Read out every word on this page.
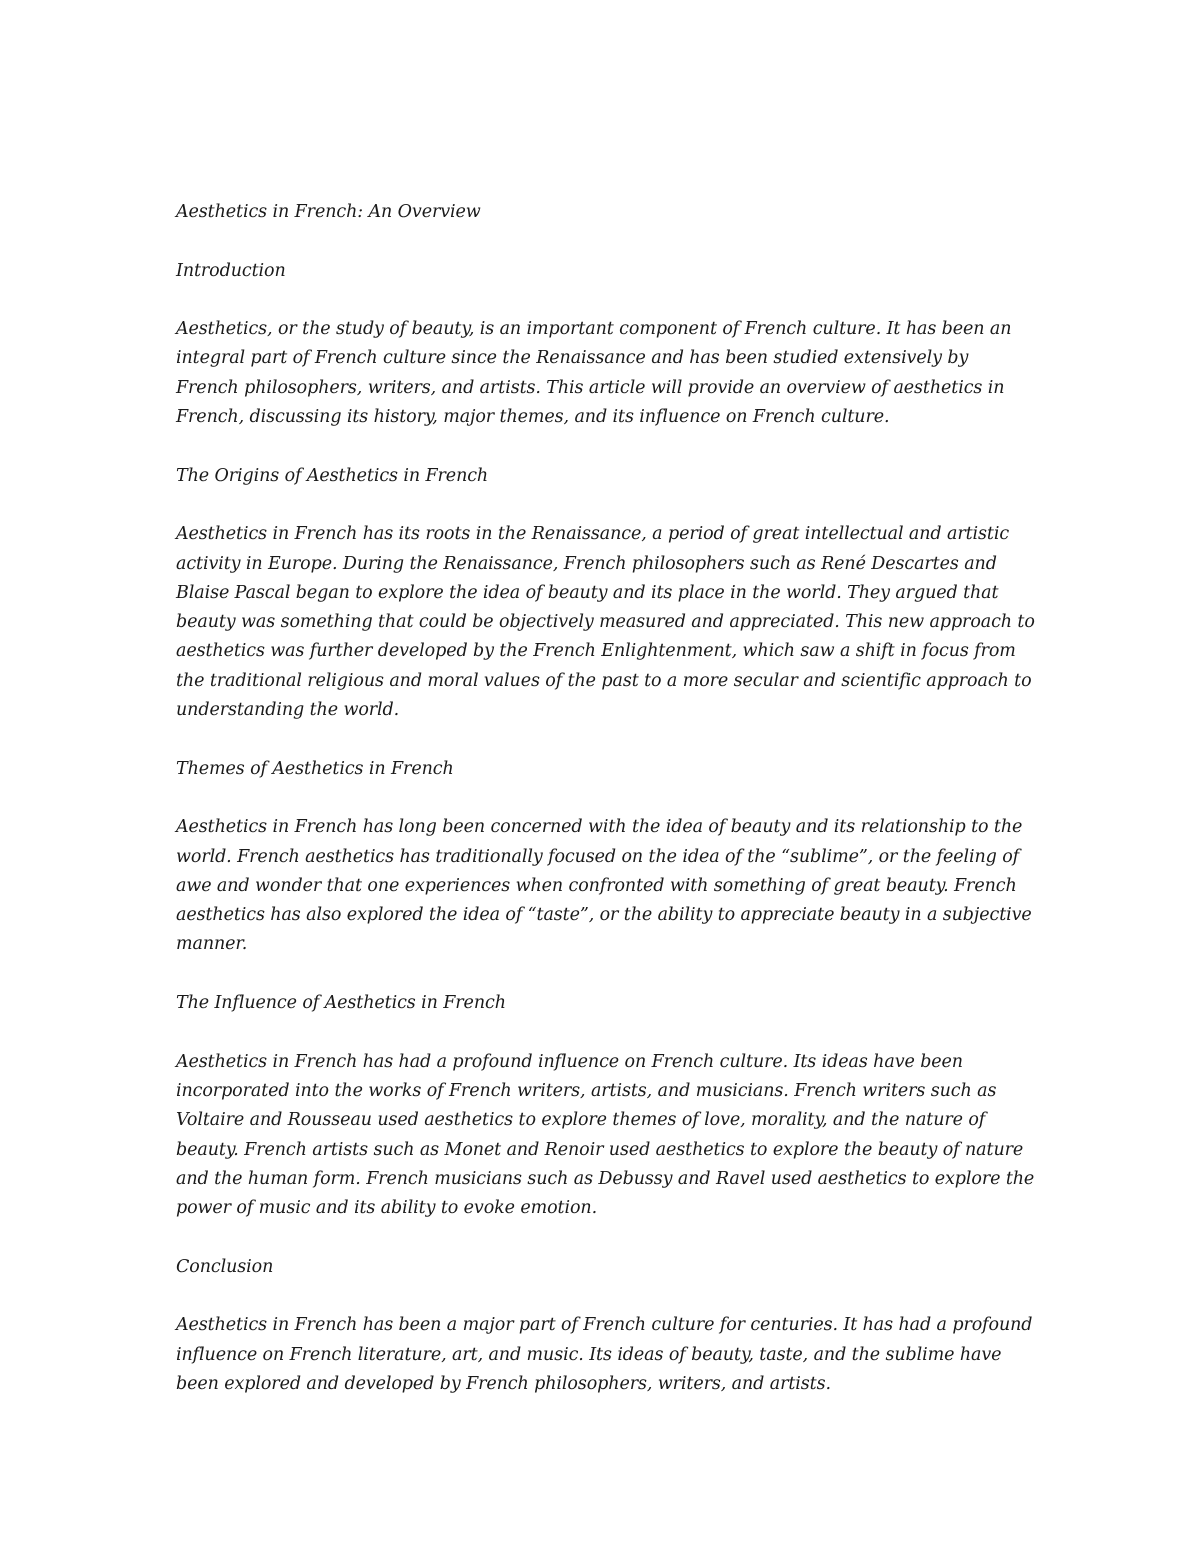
Aesthetics in French: An Overview

Introduction

Aesthetics, or the study of beauty, is an important component of French culture. It has been an integral part of French culture since the Renaissance and has been studied extensively by French philosophers, writers, and artists. This article will provide an overview of aesthetics in French, discussing its history, major themes, and its influence on French culture.

The Origins of Aesthetics in French

Aesthetics in French has its roots in the Renaissance, a period of great intellectual and artistic activity in Europe. During the Renaissance, French philosophers such as René Descartes and Blaise Pascal began to explore the idea of beauty and its place in the world. They argued that beauty was something that could be objectively measured and appreciated. This new approach to aesthetics was further developed by the French Enlightenment, which saw a shift in focus from the traditional religious and moral values of the past to a more secular and scientific approach to understanding the world.

Themes of Aesthetics in French

Aesthetics in French has long been concerned with the idea of beauty and its relationship to the world. French aesthetics has traditionally focused on the idea of the “sublime”, or the feeling of awe and wonder that one experiences when confronted with something of great beauty. French aesthetics has also explored the idea of “taste”, or the ability to appreciate beauty in a subjective manner.

The Influence of Aesthetics in French

Aesthetics in French has had a profound influence on French culture. Its ideas have been incorporated into the works of French writers, artists, and musicians. French writers such as Voltaire and Rousseau used aesthetics to explore themes of love, morality, and the nature of beauty. French artists such as Monet and Renoir used aesthetics to explore the beauty of nature and the human form. French musicians such as Debussy and Ravel used aesthetics to explore the power of music and its ability to evoke emotion.

Conclusion

Aesthetics in French has been a major part of French culture for centuries. It has had a profound influence on French literature, art, and music. Its ideas of beauty, taste, and the sublime have been explored and developed by French philosophers, writers, and artists.
